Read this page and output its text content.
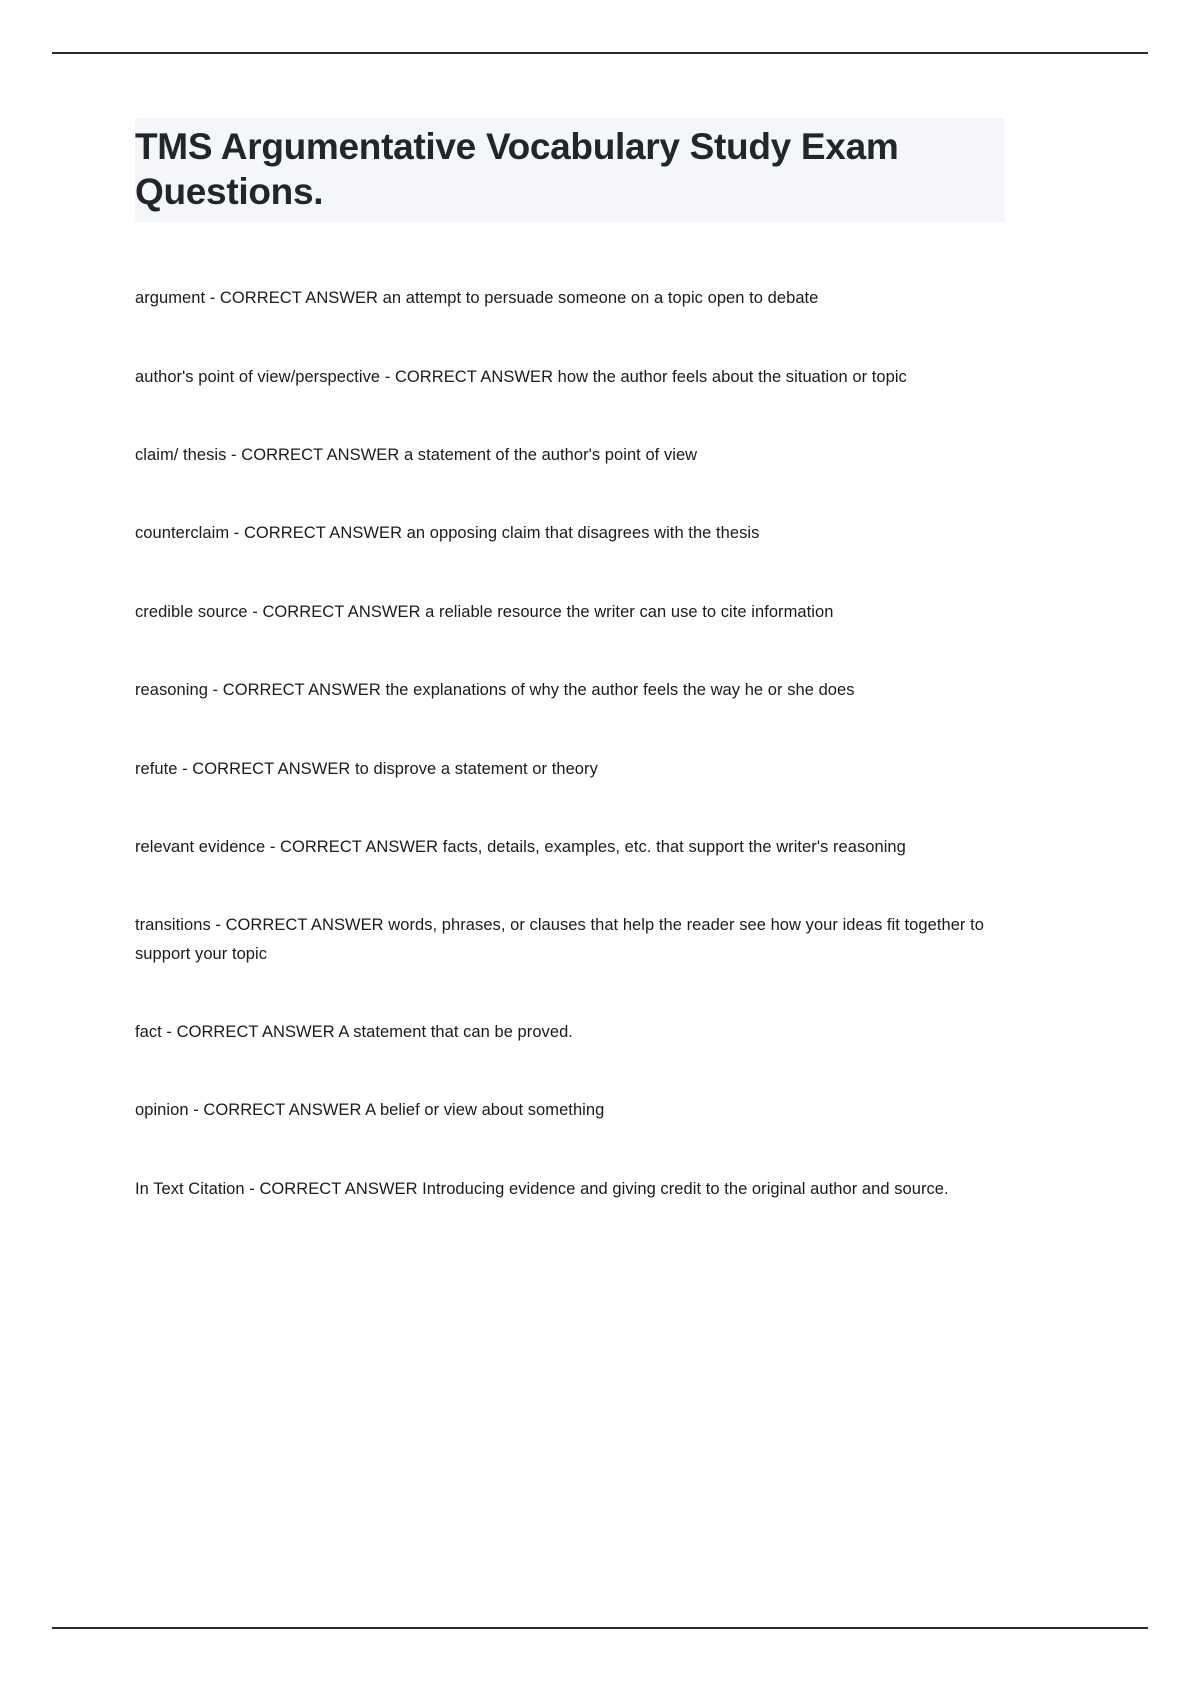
TMS Argumentative Vocabulary Study Exam Questions.

argument - CORRECT ANSWER an attempt to persuade someone on a topic open to debate

author's point of view/perspective - CORRECT ANSWER how the author feels about the situation or topic

claim/ thesis - CORRECT ANSWER a statement of the author's point of view

counterclaim - CORRECT ANSWER an opposing claim that disagrees with the thesis

credible source - CORRECT ANSWER a reliable resource the writer can use to cite information

reasoning - CORRECT ANSWER the explanations of why the author feels the way he or she does

refute - CORRECT ANSWER to disprove a statement or theory

relevant evidence - CORRECT ANSWER facts, details, examples, etc. that support the writer's reasoning

transitions - CORRECT ANSWER words, phrases, or clauses that help the reader see how your ideas fit together to support your topic

fact - CORRECT ANSWER A statement that can be proved.

opinion - CORRECT ANSWER A belief or view about something

In Text Citation - CORRECT ANSWER Introducing evidence and giving credit to the original author and source.
